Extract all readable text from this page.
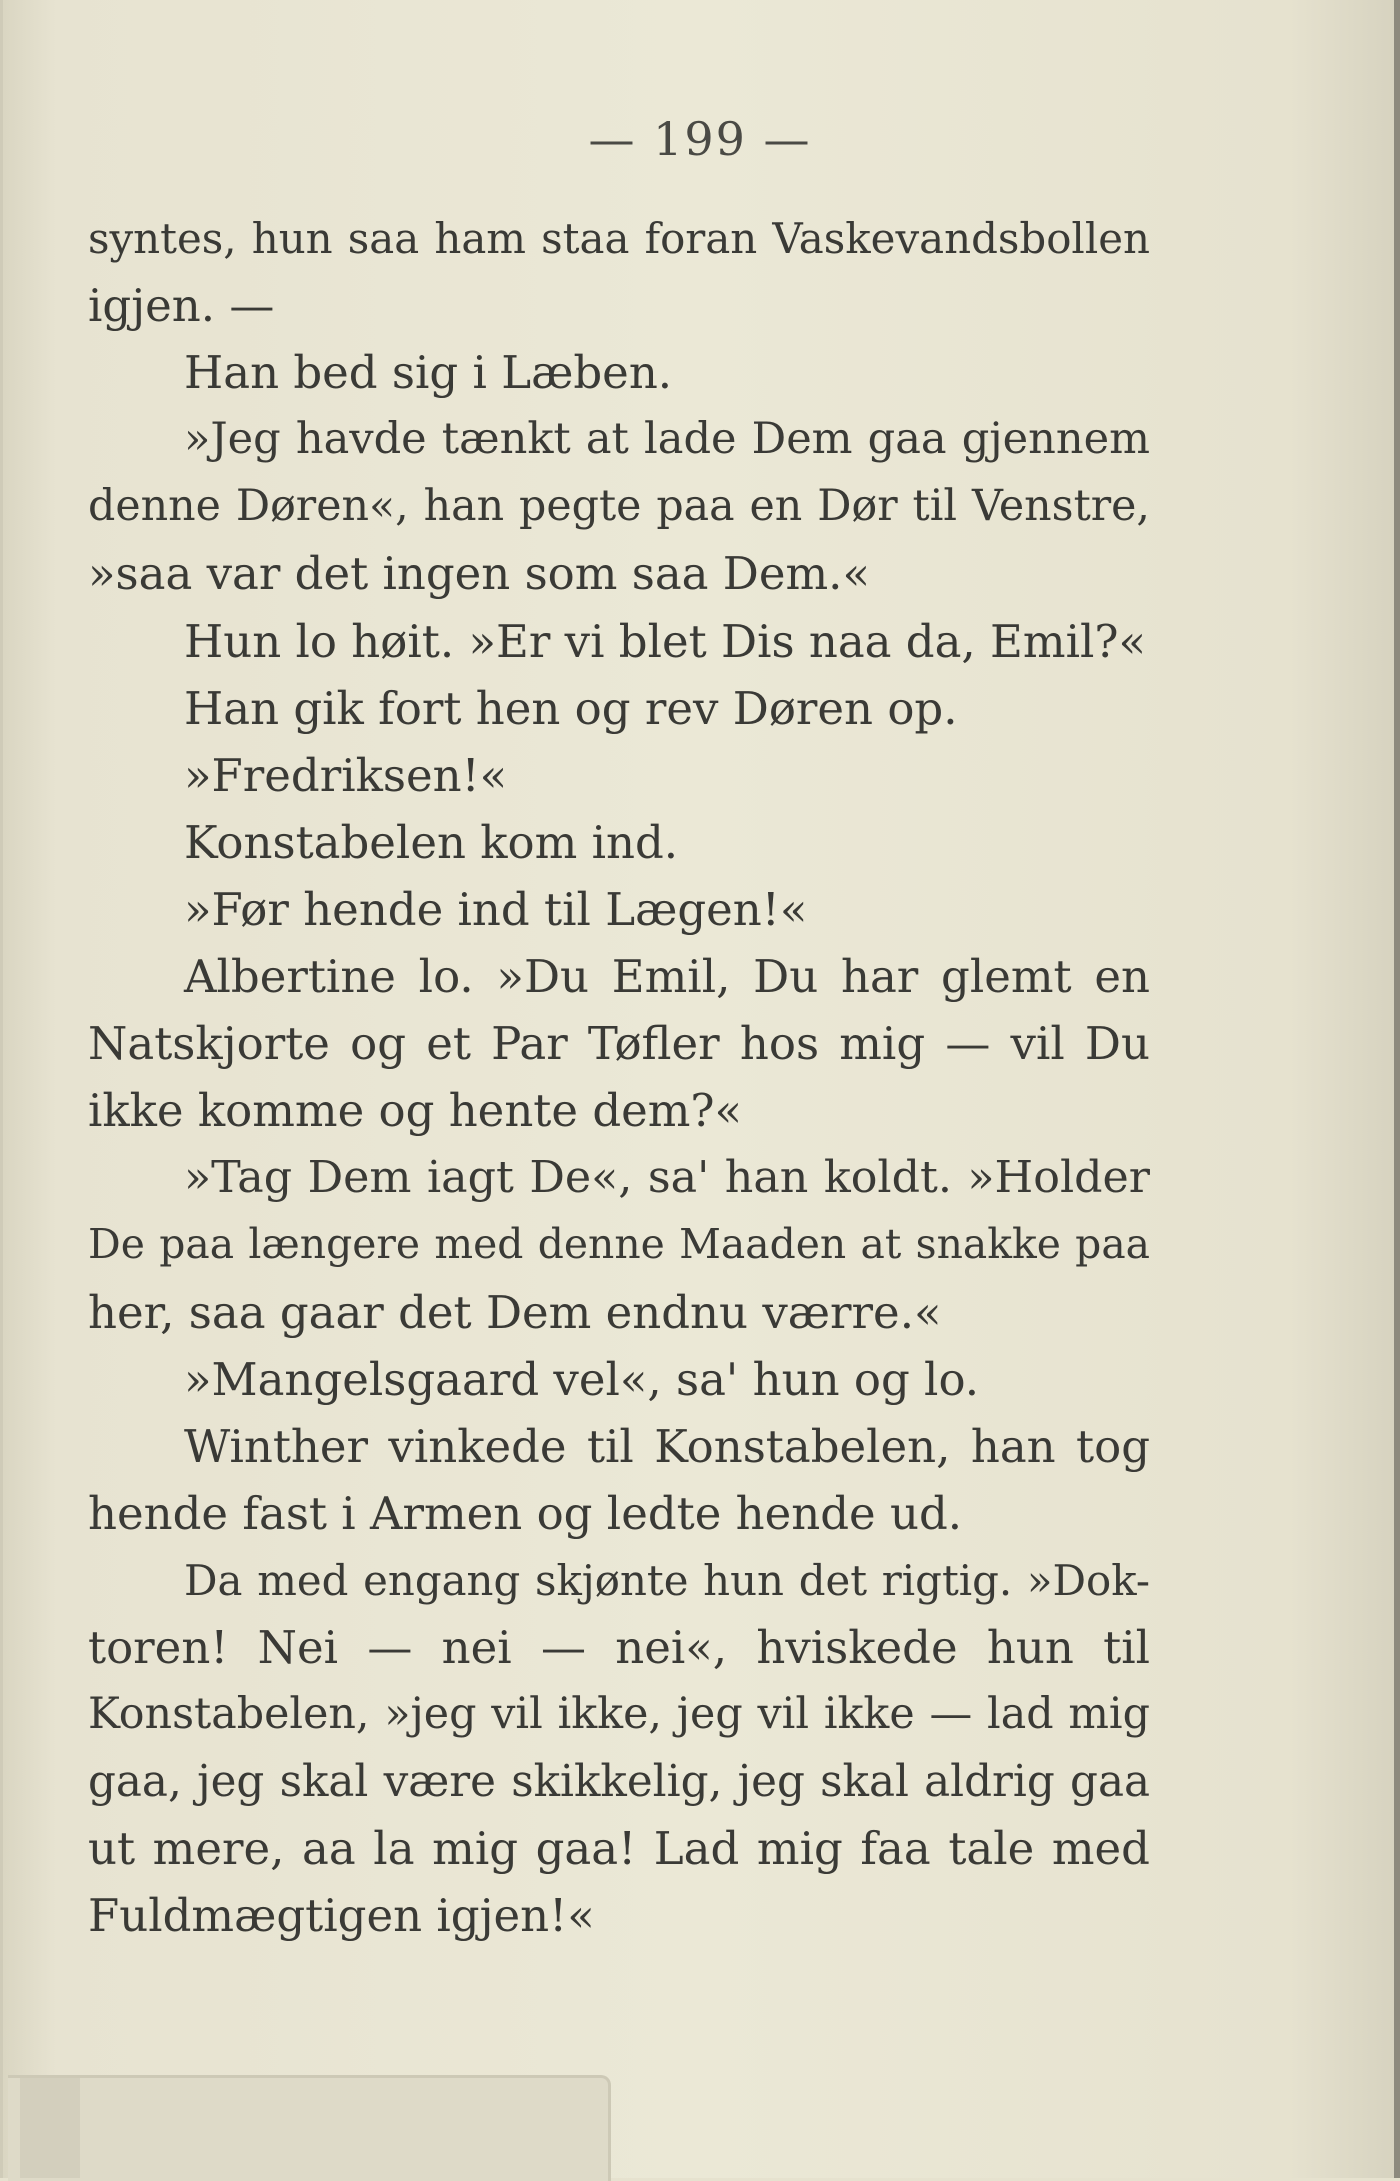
— 199 —
syntes, hun saa ham staa foran Vaskevandsbollen
igjen. —
Han bed sig i Læben.
»Jeg havde tænkt at lade Dem gaa gjennem
denne Døren«, han pegte paa en Dør til Venstre,
»saa var det ingen som saa Dem.«
Hun lo høit. »Er vi blet Dis naa da, Emil?«
Han gik fort hen og rev Døren op.
»Fredriksen!«
Konstabelen kom ind.
»Før hende ind til Lægen!«
Albertine lo. »Du Emil, Du har glemt en
Natskjorte og et Par Tøfler hos mig — vil Du
ikke komme og hente dem?«
»Tag Dem iagt De«, sa' han koldt. »Holder
De paa længere med denne Maaden at snakke paa
her, saa gaar det Dem endnu værre.«
»Mangelsgaard vel«, sa' hun og lo.
Winther vinkede til Konstabelen, han tog
hende fast i Armen og ledte hende ud.
Da med engang skjønte hun det rigtig. »Dok-
toren! Nei — nei — nei«, hviskede hun til
Konstabelen, »jeg vil ikke, jeg vil ikke — lad mig
gaa, jeg skal være skikkelig, jeg skal aldrig gaa
ut mere, aa la mig gaa! Lad mig faa tale med
Fuldmægtigen igjen!«
